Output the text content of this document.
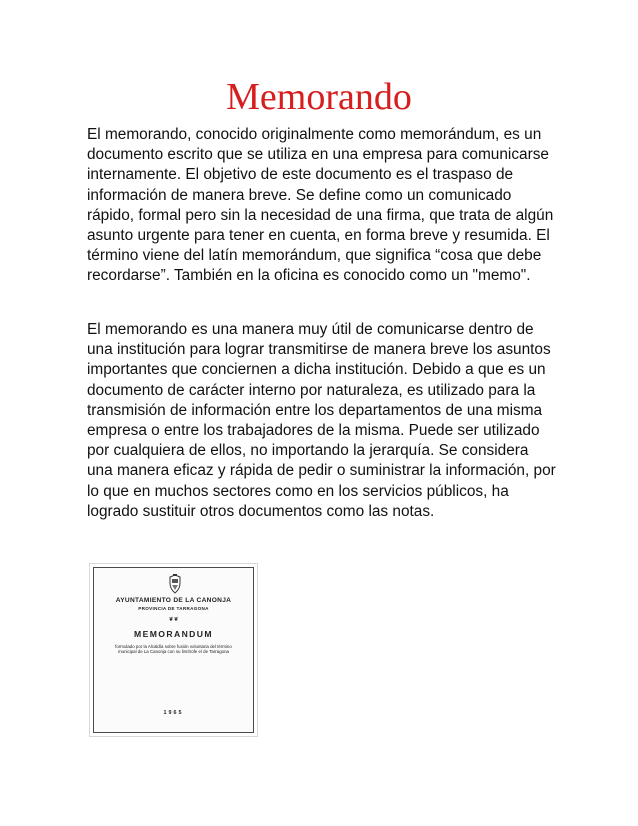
Memorando

El memorando, conocido originalmente como memorándum, es un documento escrito que se utiliza en una empresa para comunicarse internamente. El objetivo de este documento es el traspaso de información de manera breve. Se define como un comunicado rápido, formal pero sin la necesidad de una firma, que trata de algún asunto urgente para tener en cuenta, en forma breve y resumida. El término viene del latín memorándum, que significa “cosa que debe recordarse”. También en la oficina es conocido como un "memo".

El memorando es una manera muy útil de comunicarse dentro de una institución para lograr transmitirse de manera breve los asuntos importantes que conciernen a dicha institución. Debido a que es un documento de carácter interno por naturaleza, es utilizado para la transmisión de información entre los departamentos de una misma empresa o entre los trabajadores de la misma. Puede ser utilizado por cualquiera de ellos, no importando la jerarquía. Se considera una manera eficaz y rápida de pedir o suministrar la información, por lo que en muchos sectores como en los servicios públicos, ha logrado sustituir otros documentos como las notas.

AYUNTAMIENTO DE LA CANONJA
PROVINCIA DE TARRAGONA
❦❦
MEMORANDUM
formulado por la Alcaldía sobre fusión voluntaria del término municipal de La Canonja con su limítrofe el de Tarragona
1965
